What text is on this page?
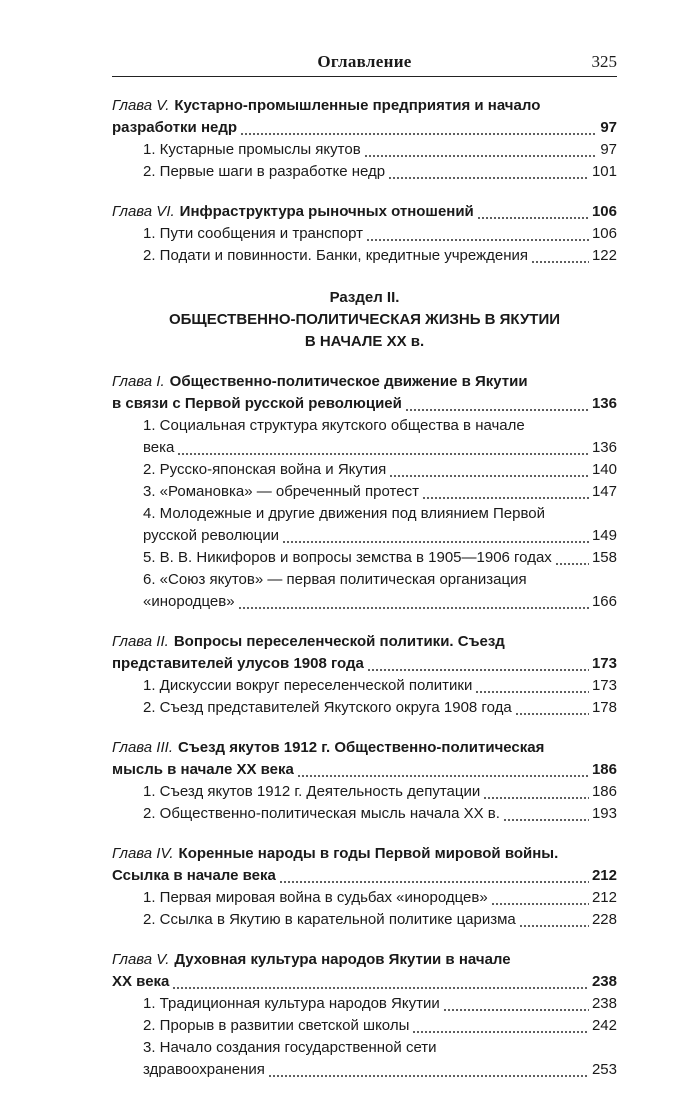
Оглавление	325
Глава V. Кустарно-промышленные предприятия и начало
разработки недр	97
1. Кустарные промыслы якутов	97
2. Первые шаги в разработке недр	101
Глава VI. Инфраструктура рыночных отношений	106
1. Пути сообщения и транспорт	106
2. Подати и повинности. Банки, кредитные учреждения	122
Раздел II.
ОБЩЕСТВЕННО-ПОЛИТИЧЕСКАЯ ЖИЗНЬ В ЯКУТИИ
В НАЧАЛЕ XX в.
Глава I. Общественно-политическое движение в Якутии
в связи с Первой русской революцией	136
1. Социальная структура якутского общества в начале
века	136
2. Русско-японская война и Якутия	140
3. «Романовка» — обреченный протест	147
4. Молодежные и другие движения под влиянием Первой
русской революции	149
5. В. В. Никифоров и вопросы земства в 1905—1906 годах	158
6. «Союз якутов» — первая политическая организация
«инородцев»	166
Глава II. Вопросы переселенческой политики. Съезд
представителей улусов 1908 года	173
1. Дискуссии вокруг переселенческой политики	173
2. Съезд представителей Якутского округа 1908 года	178
Глава III. Съезд якутов 1912 г. Общественно-политическая
мысль в начале XX века	186
1. Съезд якутов 1912 г. Деятельность депутации	186
2. Общественно-политическая мысль начала XX в.	193
Глава IV. Коренные народы в годы Первой мировой войны.
Ссылка в начале века	212
1. Первая мировая война в судьбах «инородцев»	212
2. Ссылка в Якутию в карательной политике царизма	228
Глава V. Духовная культура народов Якутии в начале
XX века	238
1. Традиционная культура народов Якутии	238
2. Прорыв в развитии светской школы	242
3. Начало создания государственной сети
здравоохранения	253
